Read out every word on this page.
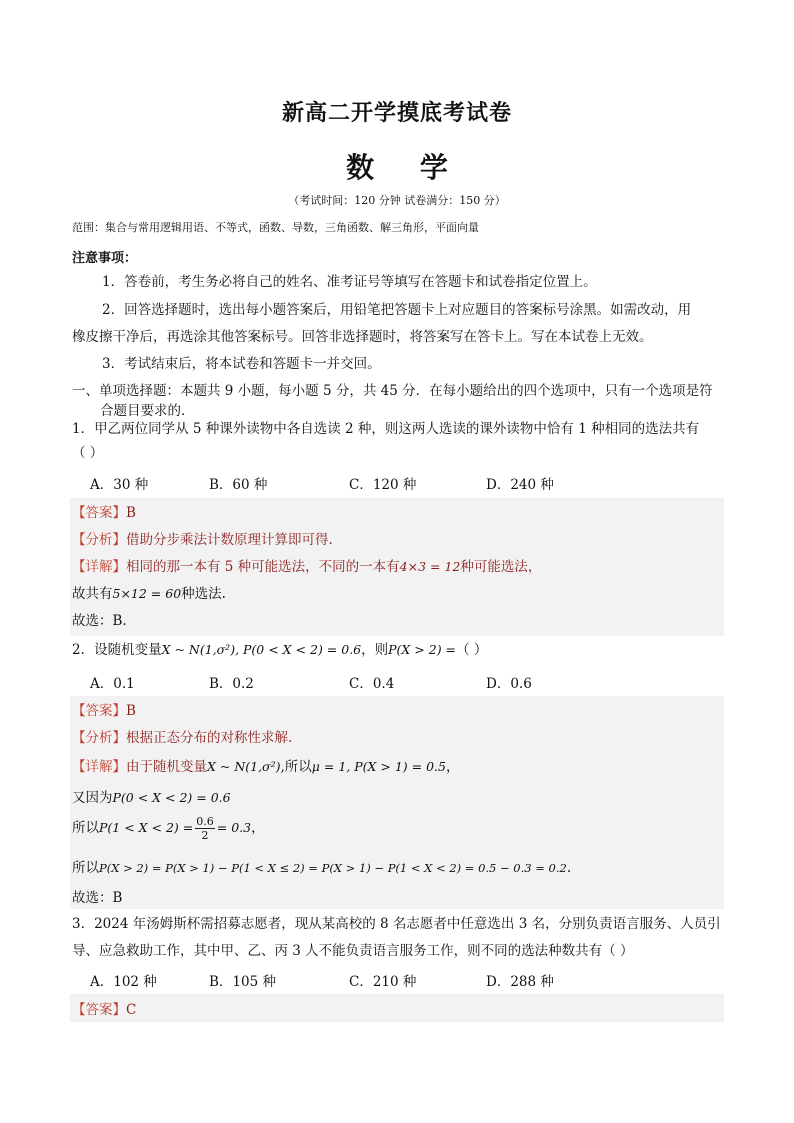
新高二开学摸底考试卷
数 学
（考试时间：120 分钟 试卷满分：150 分）
范围：集合与常用逻辑用语、不等式，函数、导数，三角函数、解三角形，平面向量
注意事项：
1．答卷前，考生务必将自己的姓名、准考证号等填写在答题卡和试卷指定位置上。
2．回答选择题时，选出每小题答案后，用铅笔把答题卡上对应题目的答案标号涂黑。如需改动，用
橡皮擦干净后，再选涂其他答案标号。回答非选择题时，将答案写在答卡上。写在本试卷上无效。
3．考试结束后，将本试卷和答题卡一并交回。
一、单项选择题：本题共 9 小题，每小题 5 分，共 45 分．在每小题给出的四个选项中，只有一个选项是符
合题目要求的．
1．甲乙两位同学从 5 种课外读物中各自选读 2 种，则这两人选读的课外读物中恰有 1 种相同的选法共有
（ ）
A．30 种	B．60 种	C．120 种	D．240 种
【答案】B
【分析】借助分步乘法计数原理计算即可得.
【详解】相同的那一本有 5 种可能选法，不同的一本有4×3 = 12种可能选法，
故共有5×12 = 60种选法.
故选：B.
2．设随机变量X ~ N(1,σ²), P(0 < X < 2) = 0.6，则P(X > 2) =（ ）
A．0.1	B．0.2	C．0.4	D．0.6
【答案】B
【分析】根据正态分布的对称性求解.
【详解】由于随机变量X ~ N(1,σ²),所以μ = 1, P(X > 1) = 0.5，
又因为P(0 < X < 2) = 0.6
所以$P(1 < X < 2) = \frac{0.6}{2} = 0.3$，
所以P(X > 2) = P(X > 1) − P(1 < X ≤ 2) = P(X > 1) − P(1 < X < 2) = 0.5 − 0.3 = 0.2.
故选：B
3．2024 年汤姆斯杯需招募志愿者，现从某高校的 8 名志愿者中任意选出 3 名，分别负责语言服务、人员引
导、应急救助工作，其中甲、乙、丙 3 人不能负责语言服务工作，则不同的选法种数共有（ ）
A．102 种	B．105 种	C．210 种	D．288 种
【答案】C
